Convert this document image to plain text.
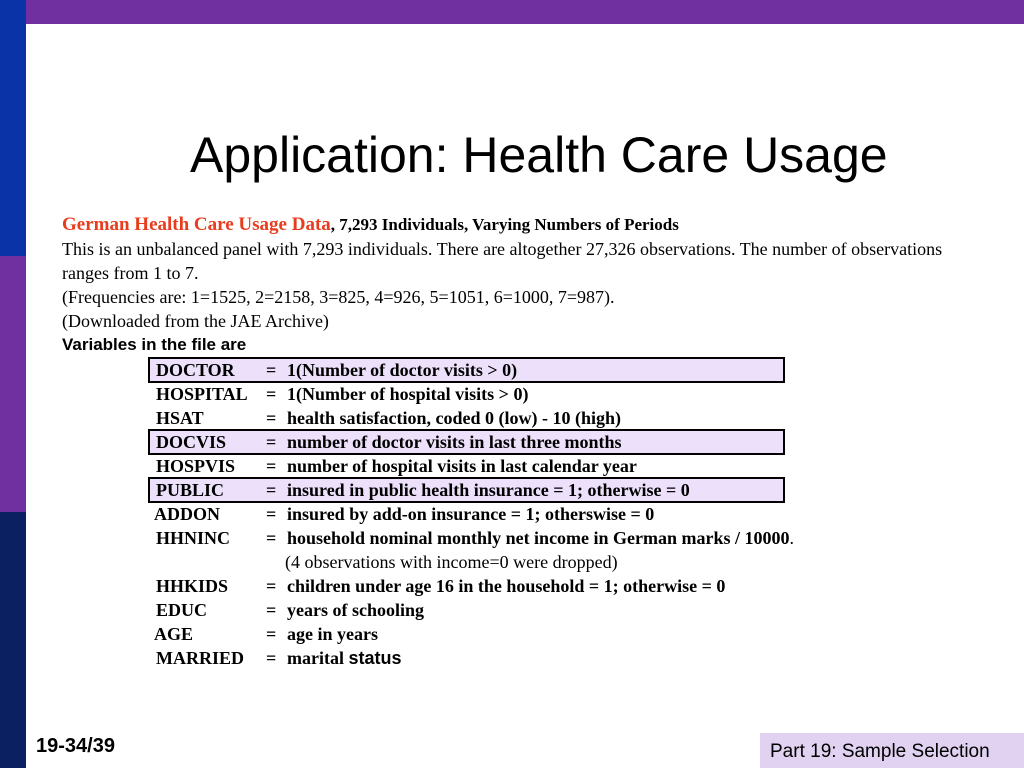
Application: Health Care Usage

German Health Care Usage Data, 7,293 Individuals, Varying Numbers of Periods

This is an unbalanced panel with 7,293 individuals. There are altogether 27,326 observations. The number of observations ranges from 1 to 7.

(Frequencies are: 1=1525, 2=2158, 3=825, 4=926, 5=1051, 6=1000, 7=987).

(Downloaded from the JAE Archive)

Variables in the file are

DOCTOR = 1(Number of doctor visits > 0)
HOSPITAL = 1(Number of hospital visits > 0)
HSAT	= health satisfaction, coded 0 (low) - 10 (high)
DOCVIS = number of doctor visits in last three months
HOSPVIS = number of hospital visits in last calendar year
PUBLIC = insured in public health insurance = 1; otherwise = 0
ADDON	= insured by add-on insurance = 1; otherswise = 0
HHNINC = household nominal monthly net income in German marks / 10000.
(4 observations with income=0 were dropped)
HHKIDS = children under age 16 in the household = 1; otherwise = 0
EDUC	= years of schooling
AGE	= age in years
MARRIED = marital status
19-34/39	Part 19: Sample Selection
